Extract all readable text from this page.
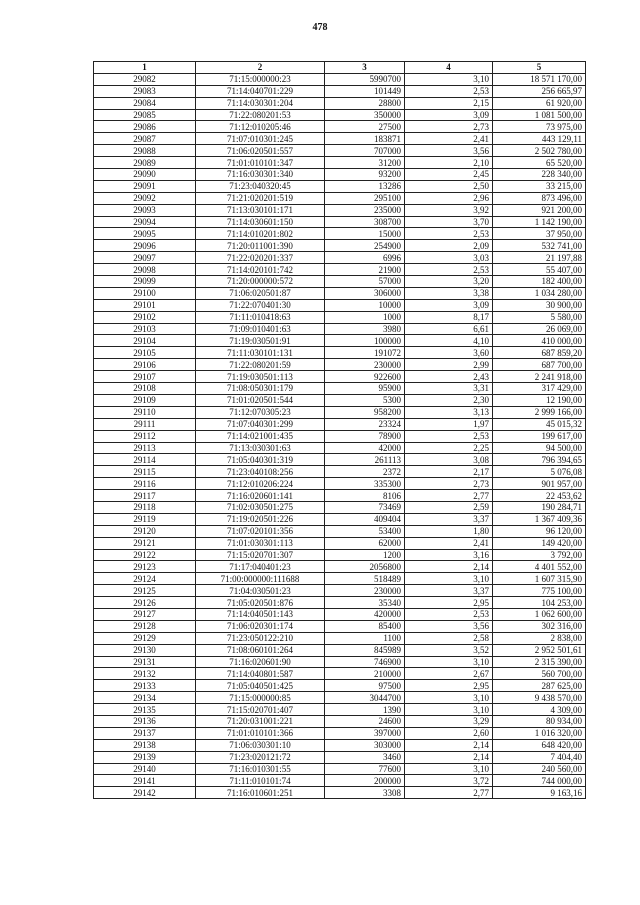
478
1	2	3	4	5
29082	71:15:000000:23	5990700	3,10	18 571 170,00
29083	71:14:040701:229	101449	2,53	256 665,97
29084	71:14:030301:204	28800	2,15	61 920,00
29085	71:22:080201:53	350000	3,09	1 081 500,00
29086	71:12:010205:46	27500	2,73	73 975,00
29087	71:07:010301:245	183871	2,41	443 129,11
29088	71:06:020501:557	707000	3,56	2 502 780,00
29089	71:01:010101:347	31200	2,10	65 520,00
29090	71:16:030301:340	93200	2,45	228 340,00
29091	71:23:040320:45	13286	2,50	33 215,00
29092	71:21:020201:519	295100	2,96	873 496,00
29093	71:13:030101:171	235000	3,92	921 200,00
29094	71:14:030601:150	308700	3,70	1 142 190,00
29095	71:14:010201:802	15000	2,53	37 950,00
29096	71:20:011001:390	254900	2,09	532 741,00
29097	71:22:020201:337	6996	3,03	21 197,88
29098	71:14:020101:742	21900	2,53	55 407,00
29099	71:20:000000:572	57000	3,20	182 400,00
29100	71:06:020501:87	306000	3,38	1 034 280,00
29101	71:22:070401:30	10000	3,09	30 900,00
29102	71:11:010418:63	1000	8,17	5 580,00
29103	71:09:010401:63	3980	6,61	26 069,00
29104	71:19:030501:91	100000	4,10	410 000,00
29105	71:11:030101:131	191072	3,60	687 859,20
29106	71:22:080201:59	230000	2,99	687 700,00
29107	71:19:030501:113	922600	2,43	2 241 918,00
29108	71:08:050301:179	95900	3,31	317 429,00
29109	71:01:020501:544	5300	2,30	12 190,00
29110	71:12:070305:23	958200	3,13	2 999 166,00
29111	71:07:040301:299	23324	1,97	45 015,32
29112	71:14:021001:435	78900	2,53	199 617,00
29113	71:13:030301:63	42000	2,25	94 500,00
29114	71:05:040301:319	261113	3,08	796 394,65
29115	71:23:040108:256	2372	2,17	5 076,08
29116	71:12:010206:224	335300	2,73	901 957,00
29117	71:16:020601:141	8106	2,77	22 453,62
29118	71:02:030501:275	73469	2,59	190 284,71
29119	71:19:020501:226	409404	3,37	1 367 409,36
29120	71:07:020101:356	53400	1,80	96 120,00
29121	71:01:030301:113	62000	2,41	149 420,00
29122	71:15:020701:307	1200	3,16	3 792,00
29123	71:17:040401:23	2056800	2,14	4 401 552,00
29124	71:00:000000:111688	518489	3,10	1 607 315,90
29125	71:04:030501:23	230000	3,37	775 100,00
29126	71:05:020501:876	35340	2,95	104 253,00
29127	71:14:040501:143	420000	2,53	1 062 600,00
29128	71:06:020301:174	85400	3,56	302 316,00
29129	71:23:050122:210	1100	2,58	2 838,00
29130	71:08:060101:264	845989	3,52	2 952 501,61
29131	71:16:020601:90	746900	3,10	2 315 390,00
29132	71:14:040801:587	210000	2,67	560 700,00
29133	71:05:040501:425	97500	2,95	287 625,00
29134	71:15:000000:85	3044700	3,10	9 438 570,00
29135	71:15:020701:407	1390	3,10	4 309,00
29136	71:20:031001:221	24600	3,29	80 934,00
29137	71:01:010101:366	397000	2,60	1 016 320,00
29138	71:06:030301:10	303000	2,14	648 420,00
29139	71:23:020121:72	3460	2,14	7 404,40
29140	71:16:010301:55	77600	3,10	240 560,00
29141	71:11:010101:74	200000	3,72	744 000,00
29142	71:16:010601:251	3308	2,77	9 163,16
